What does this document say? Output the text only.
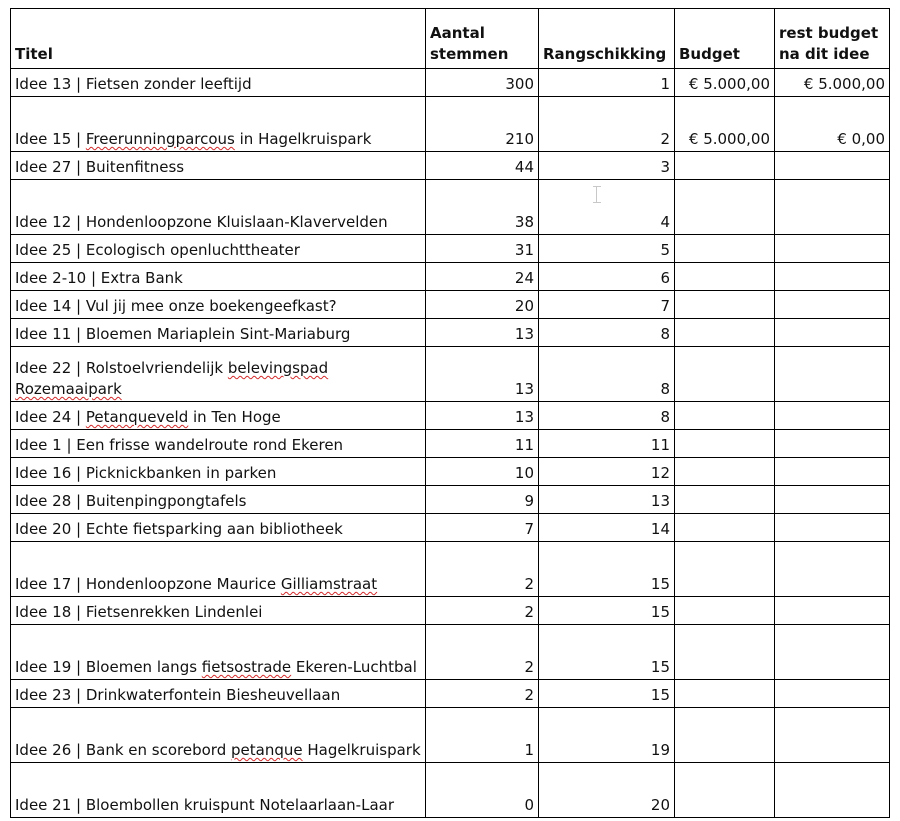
Titel	Aantal stemmen	Rangschikking	Budget	rest budget na dit idee
Idee 13 | Fietsen zonder leeftijd	300	1	€ 5.000,00	€ 5.000,00
Idee 15 | Freerunningparcous in Hagelkruispark	210	2	€ 5.000,00	€ 0,00
Idee 27 | Buitenfitness	44	3		
Idee 12 | Hondenloopzone Kluislaan-Klavervelden	38	4		
Idee 25 | Ecologisch openluchttheater	31	5		
Idee 2-10 | Extra Bank	24	6		
Idee 14 | Vul jij mee onze boekengeefkast?	20	7		
Idee 11 | Bloemen Mariaplein Sint-Mariaburg	13	8		
Idee 22 | Rolstoelvriendelijk belevingspad Rozemaaipark	13	8		
Idee 24 | Petanqueveld in Ten Hoge	13	8		
Idee 1 | Een frisse wandelroute rond Ekeren	11	11		
Idee 16 | Picknickbanken in parken	10	12		
Idee 28 | Buitenpingpongtafels	9	13		
Idee 20 | Echte fietsparking aan bibliotheek	7	14		
Idee 17 | Hondenloopzone Maurice Gilliamstraat	2	15		
Idee 18 | Fietsenrekken Lindenlei	2	15		
Idee 19 | Bloemen langs fietsostrade Ekeren-Luchtbal	2	15		
Idee 23 | Drinkwaterfontein Biesheuvellaan	2	15		
Idee 26 | Bank en scorebord petanque Hagelkruispark	1	19		
Idee 21 | Bloembollen kruispunt Notelaarlaan-Laar	0	20		
